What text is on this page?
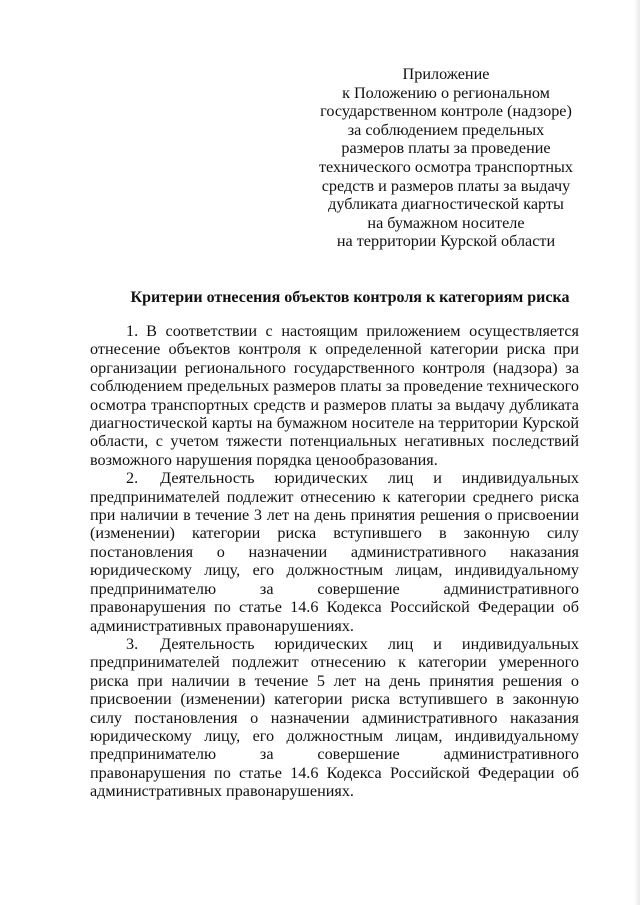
Приложение
к Положению о региональном
государственном контроле (надзоре)
за соблюдением предельных
размеров платы за проведение
технического осмотра транспортных
средств и размеров платы за выдачу
дубликата диагностической карты
на бумажном носителе
на территории Курской области
Критерии отнесения объектов контроля к категориям риска

1. В соответствии с настоящим приложением осуществляется отнесение объектов контроля к определенной категории риска при организации регионального государственного контроля (надзора) за соблюдением предельных размеров платы за проведение технического осмотра транспортных средств и размеров платы за выдачу дубликата диагностической карты на бумажном носителе на территории Курской области, с учетом тяжести потенциальных негативных последствий возможного нарушения порядка ценообразования.

2. Деятельность юридических лиц и индивидуальных предпринимателей подлежит отнесению к категории среднего риска при наличии в течение 3 лет на день принятия решения о присвоении (изменении) категории риска вступившего в законную силу постановления о назначении административного наказания юридическому лицу, его должностным лицам, индивидуальному предпринимателю за совершение административного правонарушения по статье 14.6 Кодекса Российской Федерации об административных правонарушениях.

3. Деятельность юридических лиц и индивидуальных предпринимателей подлежит отнесению к категории умеренного риска при наличии в течение 5 лет на день принятия решения о присвоении (изменении) категории риска вступившего в законную силу постановления о назначении административного наказания юридическому лицу, его должностным лицам, индивидуальному предпринимателю за совершение административного правонарушения по статье 14.6 Кодекса Российской Федерации об административных правонарушениях.
